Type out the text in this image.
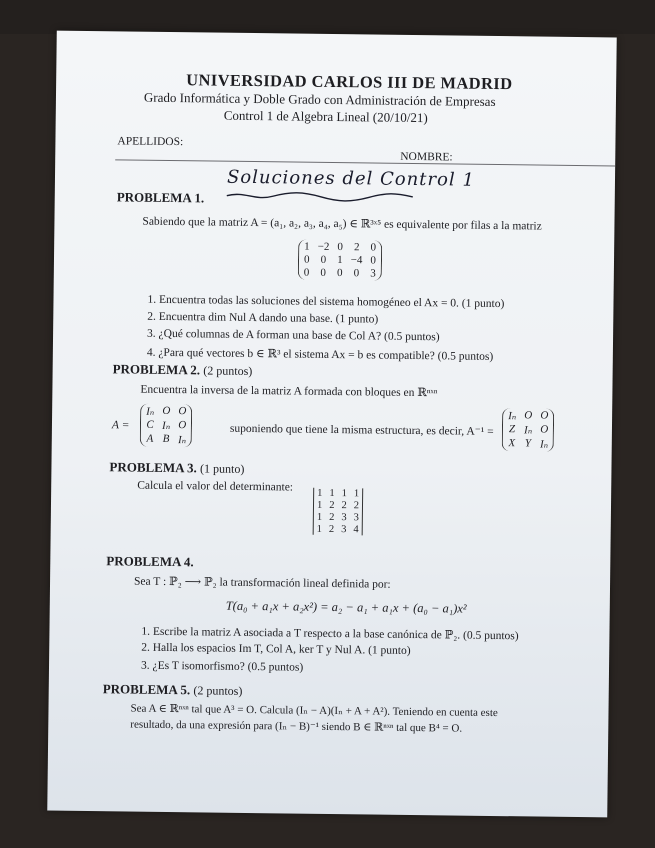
UNIVERSIDAD CARLOS III DE MADRID
Grado Informática y Doble Grado con Administración de Empresas
Control 1 de Algebra Lineal (20/10/21)
APELLIDOS:
NOMBRE:
Soluciones del Control 1
PROBLEMA 1.
Sabiendo que la matriz A = (a₁, a₂, a₃, a₄, a₅) ∈ ℝ³ˣ⁵ es equivalente por filas a la matriz
1 −2 0 2 0
0 0 1 −4 0
0 0 0 0 3
1. Encuentra todas las soluciones del sistema homogéneo el Ax = 0. (1 punto)
2. Encuentra dim Nul A dando una base. (1 punto)
3. ¿Qué columnas de A forman una base de Col A? (0.5 puntos)
4. ¿Para qué vectores b ∈ ℝ³ el sistema Ax = b es compatible? (0.5 puntos)
PROBLEMA 2. (2 puntos)
Encuentra la inversa de la matriz A formada con bloques en ℝⁿˣⁿ
A =
Iₙ O O
C Iₙ O
A B Iₙ
suponiendo que tiene la misma estructura, es decir, A⁻¹ =
Iₙ O O
Z Iₙ O
X Y Iₙ
PROBLEMA 3. (1 punto)
Calcula el valor del determinante: 1 1 1 1
1 2 2 2
1 2 3 3
1 2 3 4
PROBLEMA 4.
Sea T : ℙ₂ ⟶ ℙ₂ la transformación lineal definida por:
T(a₀ + a₁x + a₂x²) = a₂ − a₁ + a₁x + (a₀ − a₁)x²
1. Escribe la matriz A asociada a T respecto a la base canónica de ℙ₂. (0.5 puntos)
2. Halla los espacios Im T, Col A, ker T y Nul A. (1 punto)
3. ¿Es T isomorfismo? (0.5 puntos)
PROBLEMA 5. (2 puntos)
Sea A ∈ ℝⁿˣⁿ tal que A³ = O. Calcula (Iₙ − A)(Iₙ + A + A²). Teniendo en cuenta este
resultado, da una expresión para (Iₙ − B)⁻¹ siendo B ∈ ℝⁿˣⁿ tal que B⁴ = O.
